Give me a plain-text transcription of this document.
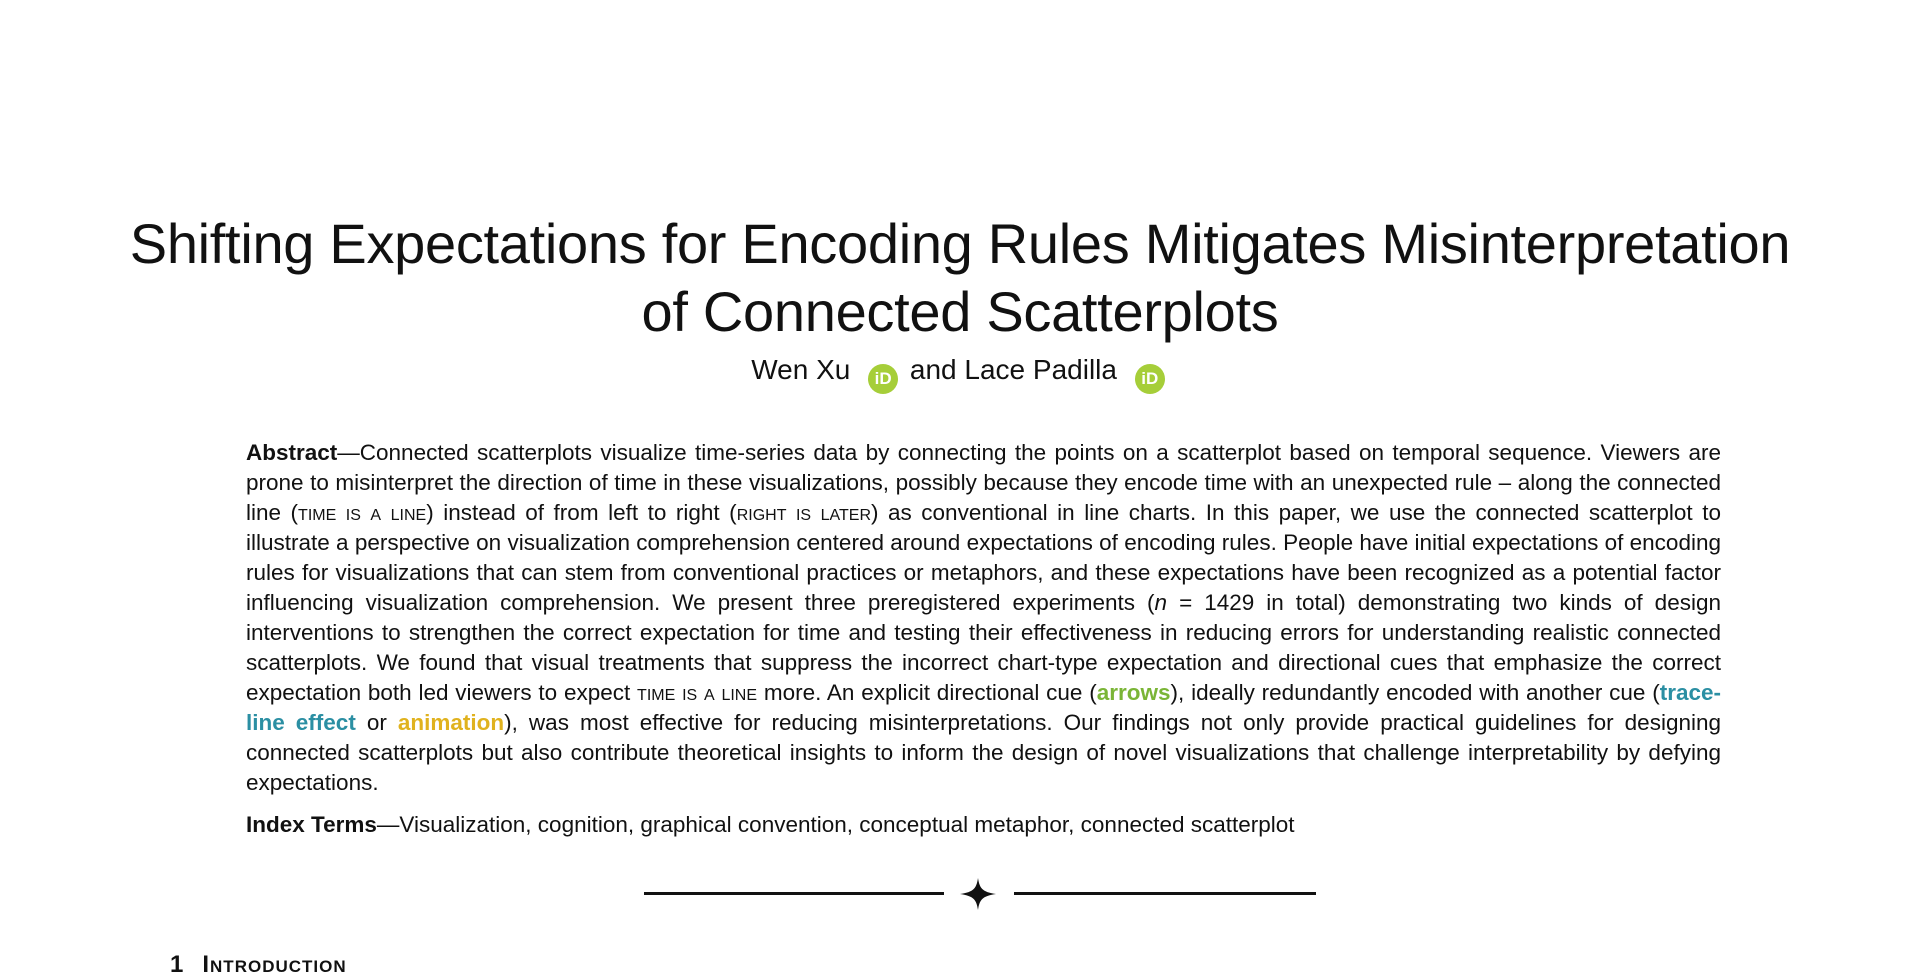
Shifting Expectations for Encoding Rules Mitigates Misinterpretation
of Connected Scatterplots
Wen Xu iD and Lace Padilla iD

Abstract—Connected scatterplots visualize time-series data by connecting the points on a scatterplot based on temporal sequence. Viewers are prone to misinterpret the direction of time in these visualizations, possibly because they encode time with an unexpected rule – along the connected line (time is a line) instead of from left to right (right is later) as conventional in line charts. In this paper, we use the connected scatterplot to illustrate a perspective on visualization comprehension centered around expectations of encoding rules. People have initial expectations of encoding rules for visualizations that can stem from conventional practices or metaphors, and these expectations have been recognized as a potential factor influencing visualization comprehension. We present three preregistered experiments (n = 1429 in total) demonstrating two kinds of design interventions to strengthen the correct expectation for time and testing their effectiveness in reducing errors for understanding realistic connected scatterplots. We found that visual treatments that suppress the incorrect chart-type expectation and directional cues that emphasize the correct expectation both led viewers to expect time is a line more. An explicit directional cue (arrows), ideally redundantly encoded with another cue (trace-line effect or animation), was most effective for reducing misinterpretations. Our findings not only provide practical guidelines for designing connected scatterplots but also contribute theoretical insights to inform the design of novel visualizations that challenge interpretability by defying expectations.

Index Terms—Visualization, cognition, graphical convention, conceptual metaphor, connected scatterplot
1 Introduction
